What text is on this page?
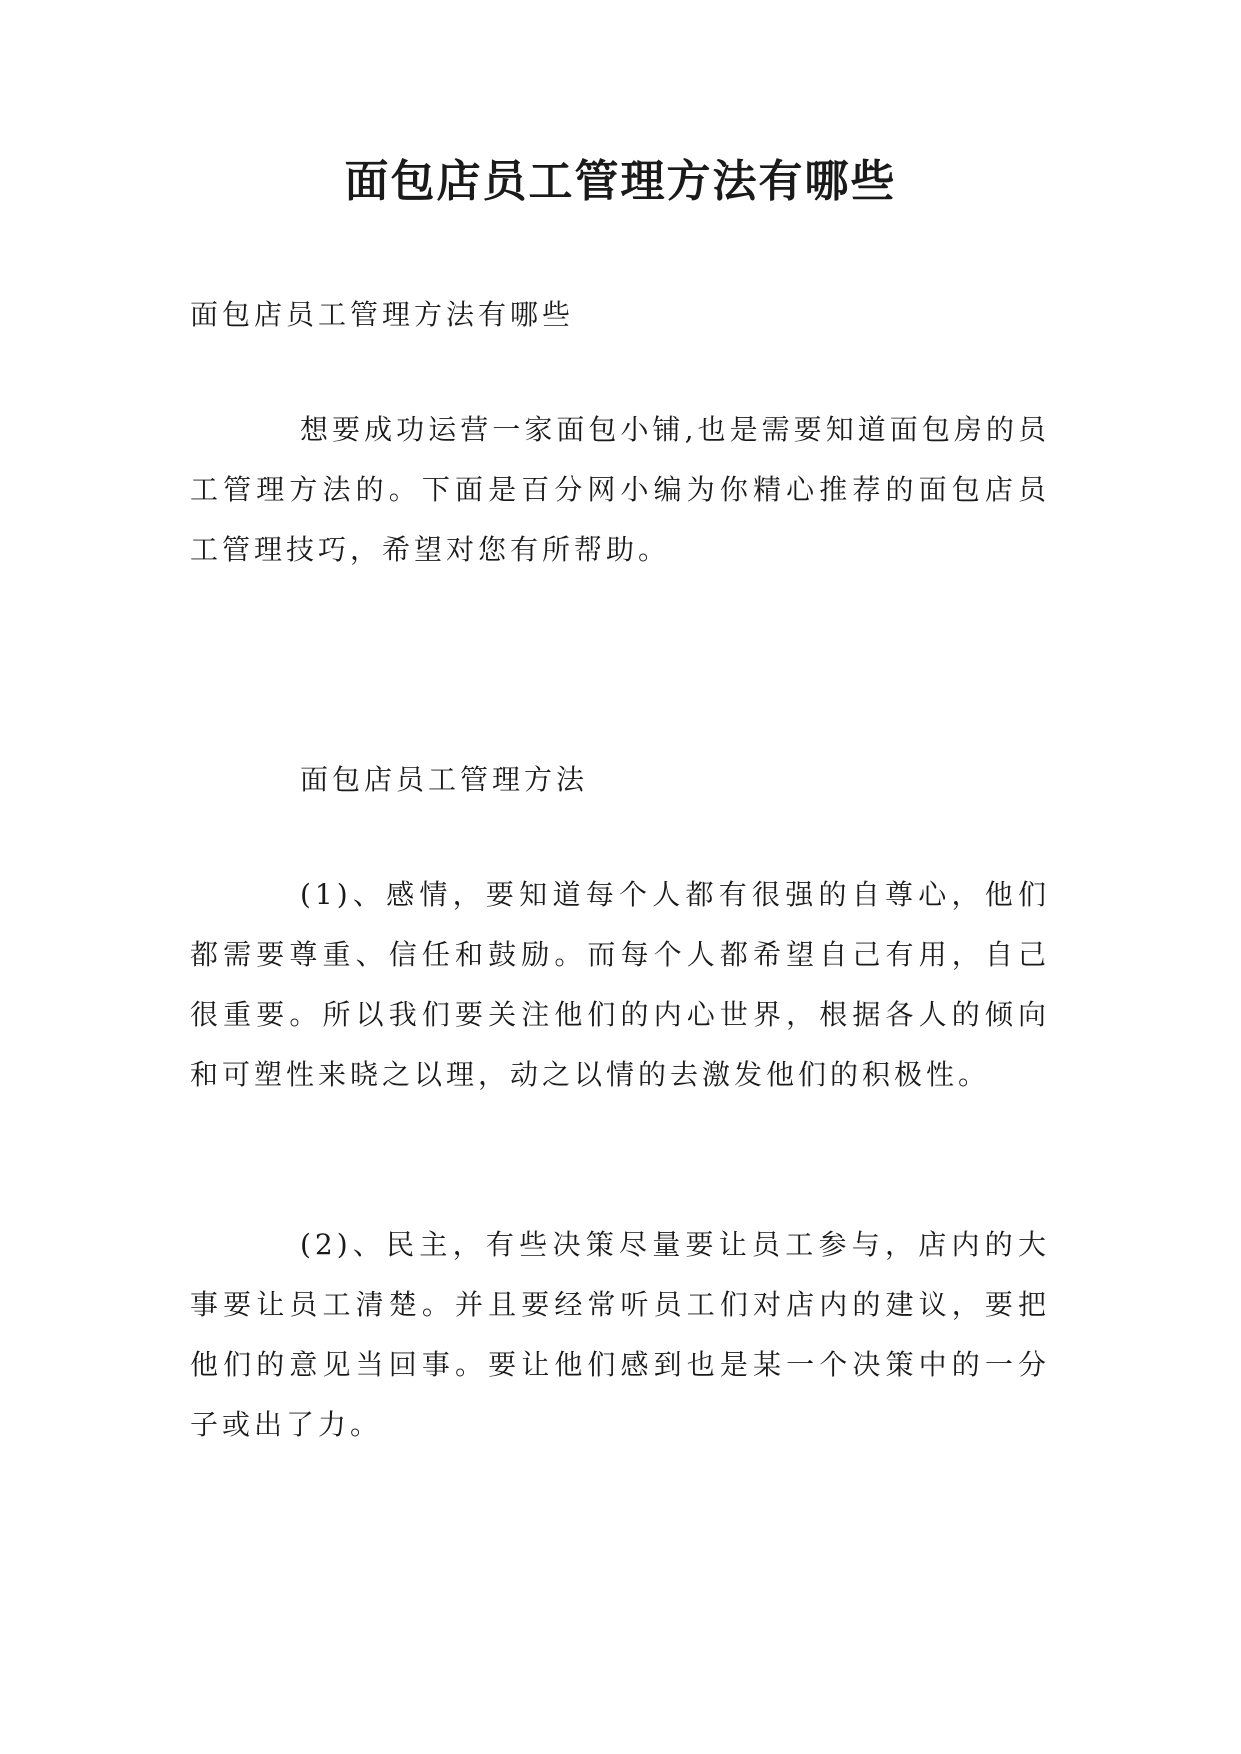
面包店员工管理方法有哪些

面包店员工管理方法有哪些

想要成功运营一家面包小铺,也是需要知道面包房的员工管理方法的。下面是百分网小编为你精心推荐的面包店员工管理技巧，希望对您有所帮助。

面包店员工管理方法

(1)、感情，要知道每个人都有很强的自尊心，他们都需要尊重、信任和鼓励。而每个人都希望自己有用，自己很重要。所以我们要关注他们的内心世界，根据各人的倾向和可塑性来晓之以理，动之以情的去激发他们的积极性。

(2)、民主，有些决策尽量要让员工参与，店内的大事要让员工清楚。并且要经常听员工们对店内的建议，要把他们的意见当回事。要让他们感到也是某一个决策中的一分子或出了力。
